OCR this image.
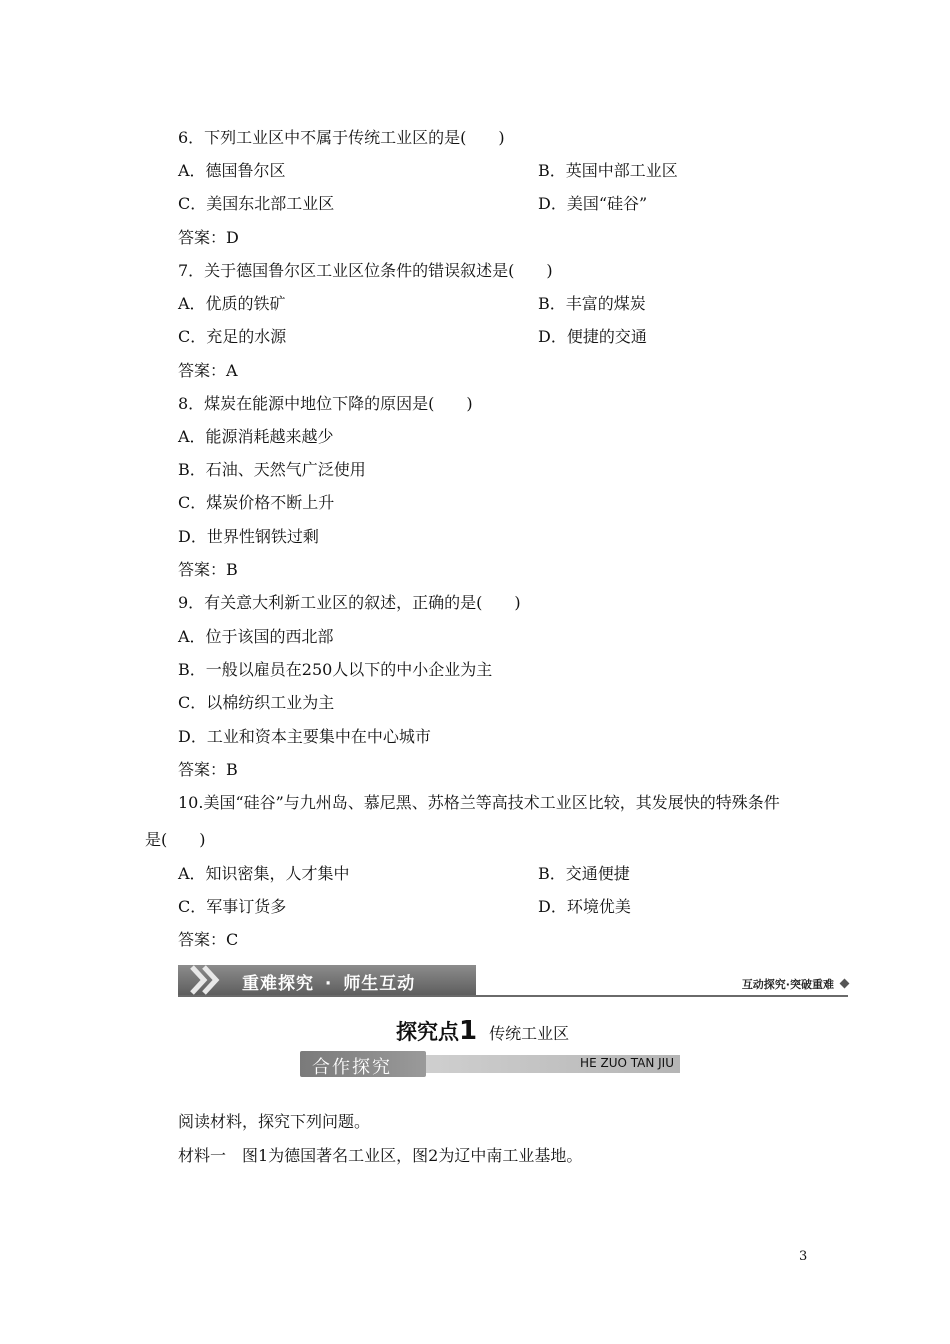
6．下列工业区中不属于传统工业区的是(　　)
A．德国鲁尔区	B．英国中部工业区
C．美国东北部工业区	D．美国“硅谷”
答案：D
7．关于德国鲁尔区工业区位条件的错误叙述是(　　)
A．优质的铁矿	B．丰富的煤炭
C．充足的水源	D．便捷的交通
答案：A
8．煤炭在能源中地位下降的原因是(　　)
A．能源消耗越来越少
B．石油、天然气广泛使用
C．煤炭价格不断上升
D．世界性钢铁过剩
答案：B
9．有关意大利新工业区的叙述，正确的是(　　)
A．位于该国的西北部
B．一般以雇员在250人以下的中小企业为主
C．以棉纺织工业为主
D．工业和资本主要集中在中心城市
答案：B
10.美国“硅谷”与九州岛、慕尼黑、苏格兰等高技术工业区比较，其发展快的特殊条件
是(　　)
A．知识密集，人才集中	B．交通便捷
C．军事订货多	D．环境优美
答案：C
重难探究 · 师生互动	互动探究·突破重难
探究点1 传统工业区
合作探究	HE ZUO TAN JIU
阅读材料，探究下列问题。
材料一　图1为德国著名工业区，图2为辽中南工业基地。
3
